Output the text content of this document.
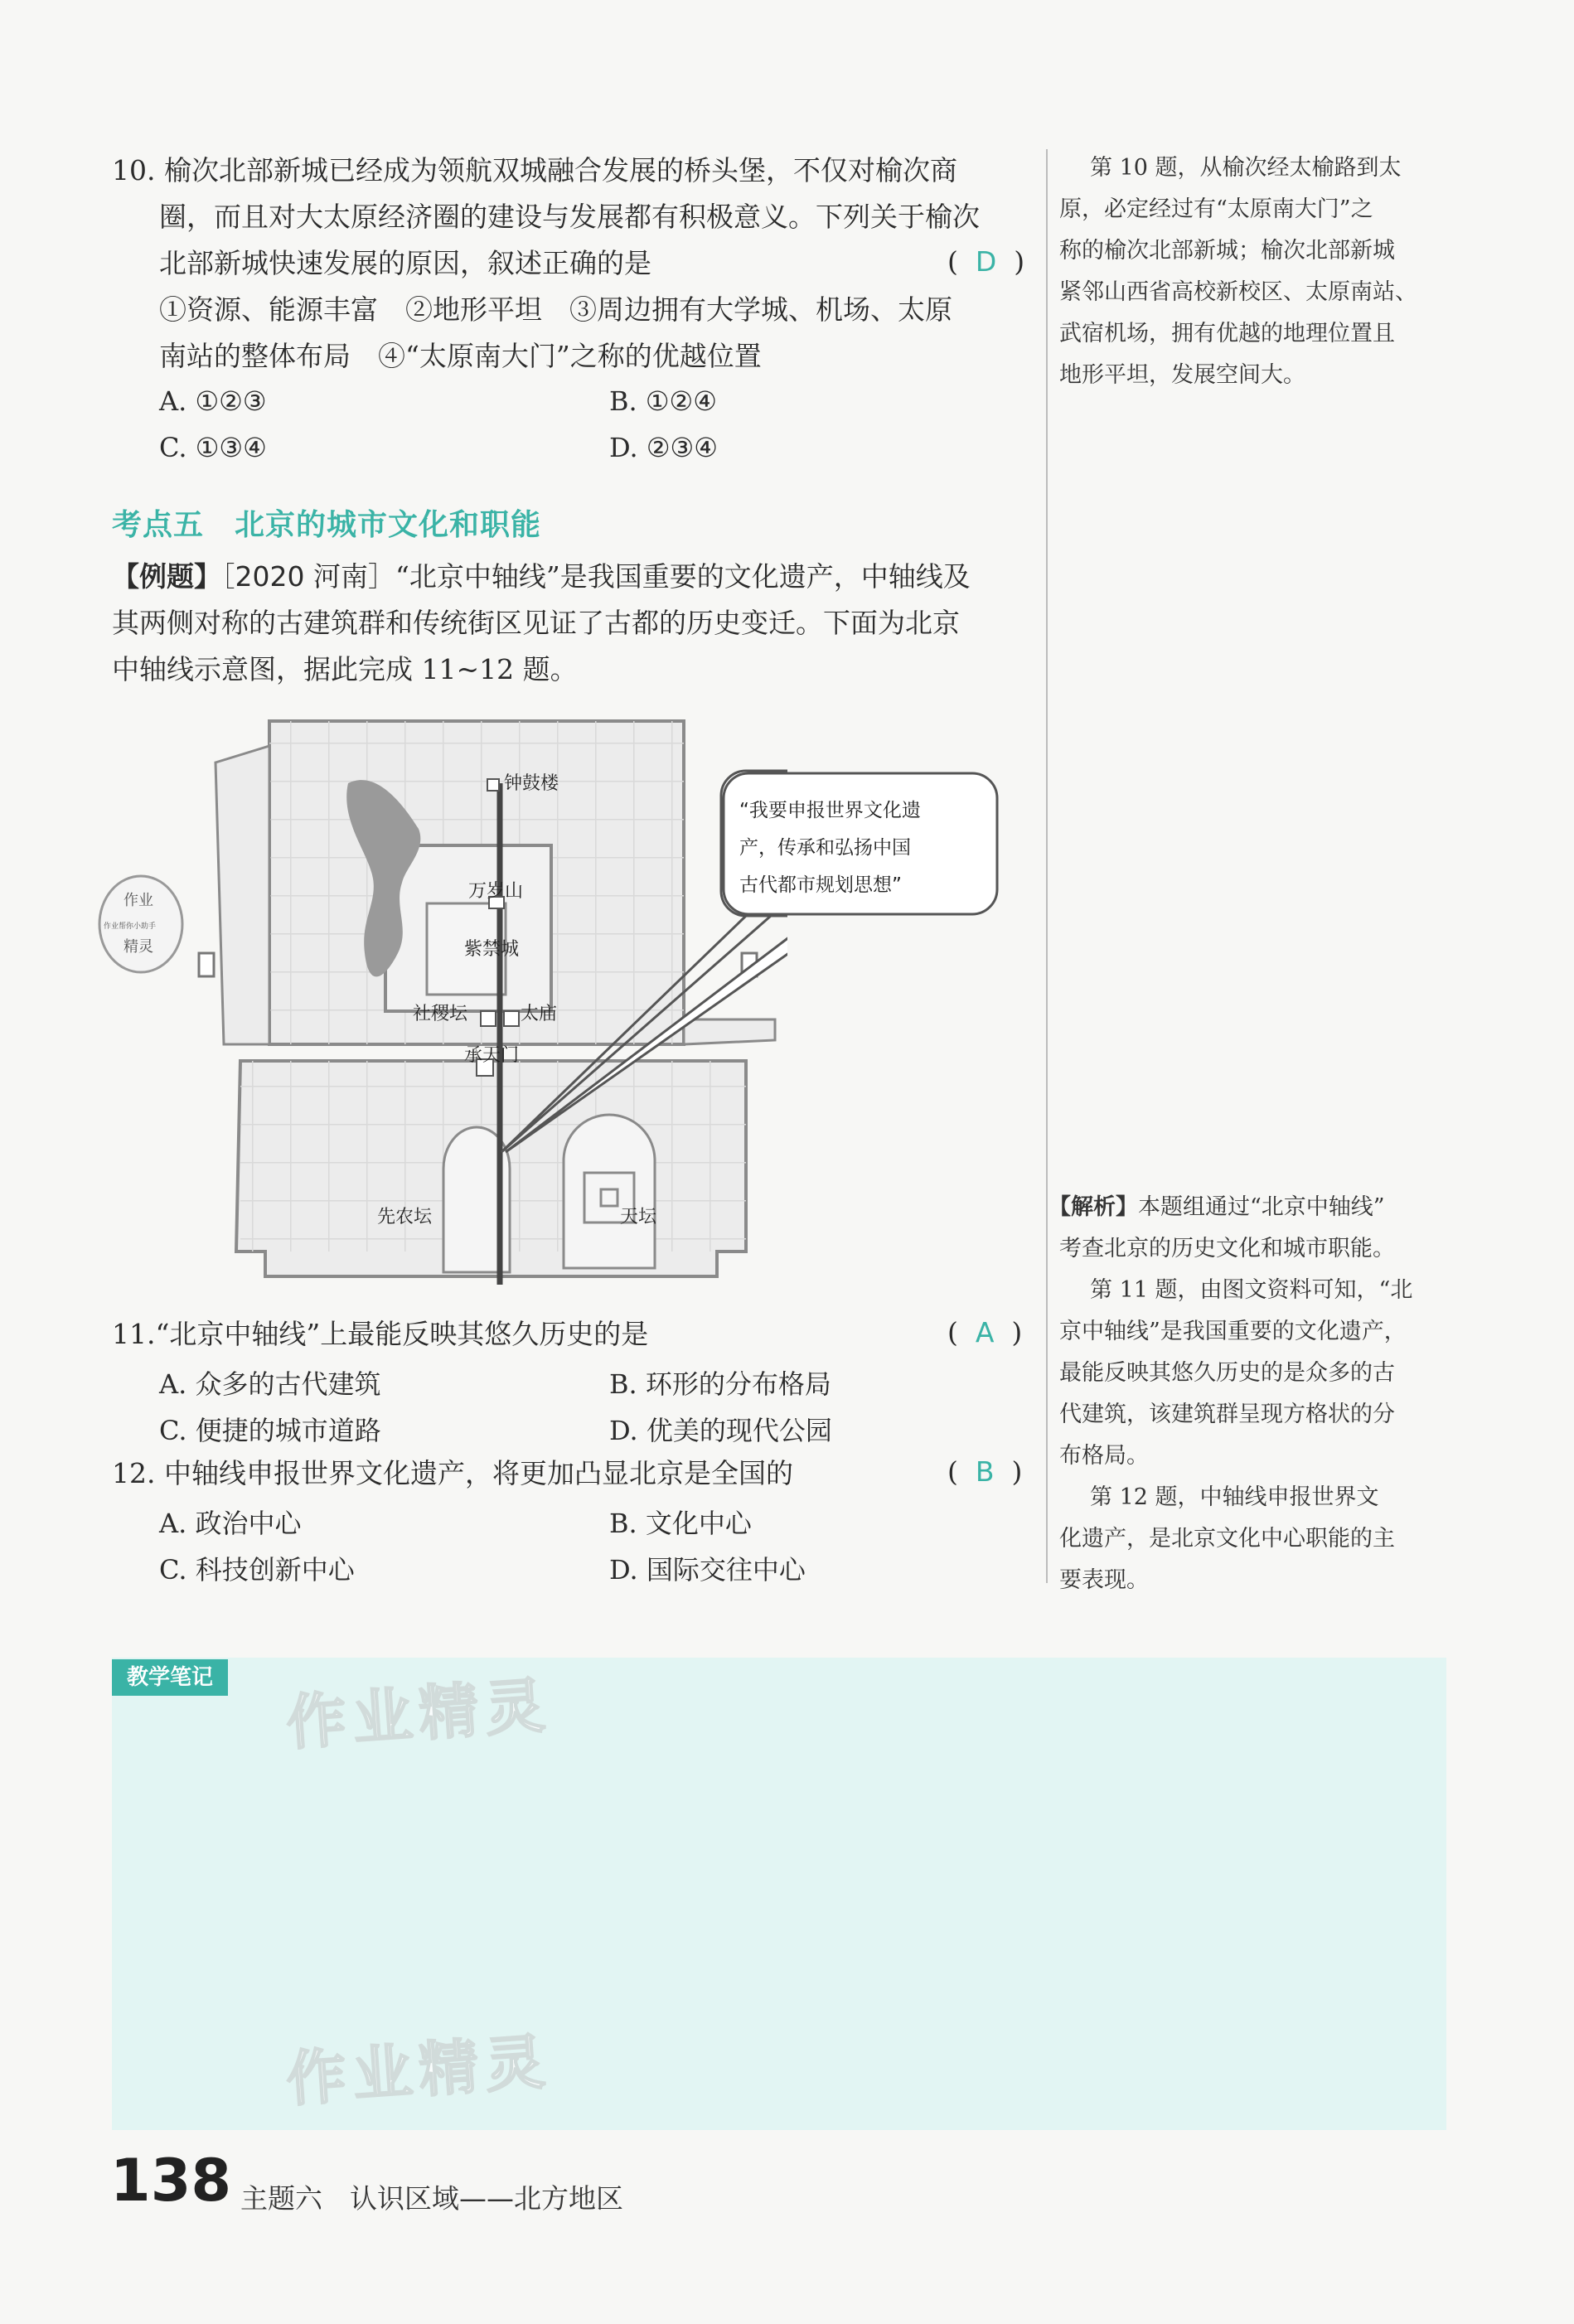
10. 榆次北部新城已经成为领航双城融合发展的桥头堡，不仅对榆次商
圈，而且对大太原经济圈的建设与发展都有积极意义。下列关于榆次
北部新城快速发展的原因，叙述正确的是	(  D  )
①资源、能源丰富　②地形平坦　③周边拥有大学城、机场、太原
南站的整体布局　④“太原南大门”之称的优越位置
A. ①②③	B. ①②④
C. ①③④	D. ②③④
第 10 题，从榆次经太榆路到太
原，必定经过有“太原南大门”之
称的榆次北部新城；榆次北部新城
紧邻山西省高校新校区、太原南站、
武宿机场，拥有优越的地理位置且
地形平坦，发展空间大。
考点五　北京的城市文化和职能
【例题】［2020 河南］“北京中轴线”是我国重要的文化遗产，中轴线及
其两侧对称的古建筑群和传统街区见证了古都的历史变迁。下面为北京
中轴线示意图，据此完成 11~12 题。
钟鼓楼
万岁山
紫禁城
社稷坛	太庙
承天门
先农坛	天坛
“我要申报世界文化遗
产，传承和弘扬中国
古代都市规划思想”
作业
作业帮你小助手
精灵
11.“北京中轴线”上最能反映其悠久历史的是	(  A  )
A. 众多的古代建筑	B. 环形的分布格局
C. 便捷的城市道路	D. 优美的现代公园
12. 中轴线申报世界文化遗产，将更加凸显北京是全国的	(  B  )
A. 政治中心	B. 文化中心
C. 科技创新中心	D. 国际交往中心
【解析】本题组通过“北京中轴线”
考查北京的历史文化和城市职能。
第 11 题，由图文资料可知，“北
京中轴线”是我国重要的文化遗产，
最能反映其悠久历史的是众多的古
代建筑，该建筑群呈现方格状的分
布格局。
第 12 题，中轴线申报世界文
化遗产，是北京文化中心职能的主
要表现。
教学笔记 作业精灵
作业精灵
138 主题六　认识区域——北方地区
